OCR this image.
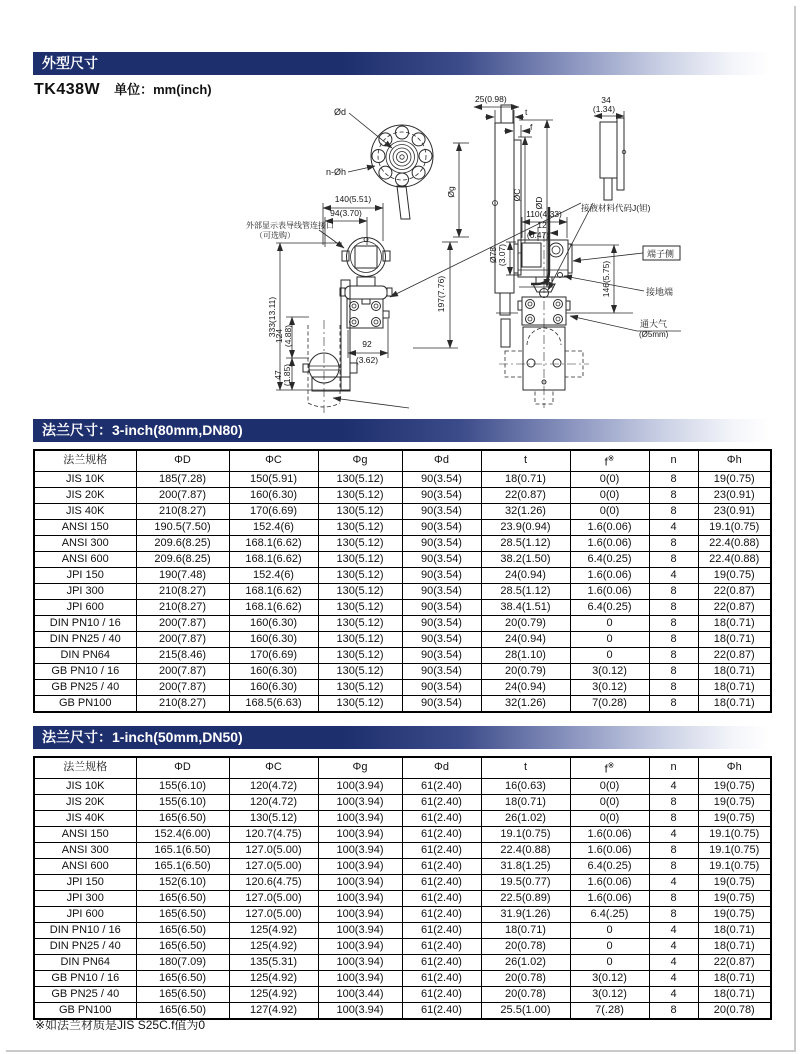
外型尺寸
TK438W 单位：mm(inch)
Ød
n-Øh
140(5.51)
94(3.70)
外部显示表导线管连接口
（可选购）
25(0.98)
t
f
Øg	ØC
ØD
34
(1.34)
接液材料代码J(钽)
333(13.11)
124 (4.88)
47 (1.85)
92
(3.62)
197(7.76)
110(4.33)
12
(0.47)
Ø78 (3.07)	端子侧
接地端
146(5.75)
通大气
(Ø5mm)
法兰尺寸：3-inch(80mm,DN80)
法兰规格	ΦD	ΦC	Φg	Φd	t	f※	n	Φh
JIS 10K	185(7.28)	150(5.91)	130(5.12)	90(3.54)	18(0.71)	0(0)	8	19(0.75)
JIS 20K	200(7.87)	160(6.30)	130(5.12)	90(3.54)	22(0.87)	0(0)	8	23(0.91)
JIS 40K	210(8.27)	170(6.69)	130(5.12)	90(3.54)	32(1.26)	0(0)	8	23(0.91)
ANSI 150	190.5(7.50)	152.4(6)	130(5.12)	90(3.54)	23.9(0.94)	1.6(0.06)	4	19.1(0.75)
ANSI 300	209.6(8.25)	168.1(6.62)	130(5.12)	90(3.54)	28.5(1.12)	1.6(0.06)	8	22.4(0.88)
ANSI 600	209.6(8.25)	168.1(6.62)	130(5.12)	90(3.54)	38.2(1.50)	6.4(0.25)	8	22.4(0.88)
JPI 150	190(7.48)	152.4(6)	130(5.12)	90(3.54)	24(0.94)	1.6(0.06)	4	19(0.75)
JPI 300	210(8.27)	168.1(6.62)	130(5.12)	90(3.54)	28.5(1.12)	1.6(0.06)	8	22(0.87)
JPI 600	210(8.27)	168.1(6.62)	130(5.12)	90(3.54)	38.4(1.51)	6.4(0.25)	8	22(0.87)
DIN PN10 / 16	200(7.87)	160(6.30)	130(5.12)	90(3.54)	20(0.79)	0	8	18(0.71)
DIN PN25 / 40	200(7.87)	160(6.30)	130(5.12)	90(3.54)	24(0.94)	0	8	18(0.71)
DIN PN64	215(8.46)	170(6.69)	130(5.12)	90(3.54)	28(1.10)	0	8	22(0.87)
GB PN10 / 16	200(7.87)	160(6.30)	130(5.12)	90(3.54)	20(0.79)	3(0.12)	8	18(0.71)
GB PN25 / 40	200(7.87)	160(6.30)	130(5.12)	90(3.54)	24(0.94)	3(0.12)	8	18(0.71)
GB PN100	210(8.27)	168.5(6.63)	130(5.12)	90(3.54)	32(1.26)	7(0.28)	8	18(0.71)
法兰尺寸：1-inch(50mm,DN50)
法兰规格	ΦD	ΦC	Φg	Φd	t	f※	n	Φh
JIS 10K	155(6.10)	120(4.72)	100(3.94)	61(2.40)	16(0.63)	0(0)	4	19(0.75)
JIS 20K	155(6.10)	120(4.72)	100(3.94)	61(2.40)	18(0.71)	0(0)	8	19(0.75)
JIS 40K	165(6.50)	130(5.12)	100(3.94)	61(2.40)	26(1.02)	0(0)	8	19(0.75)
ANSI 150	152.4(6.00)	120.7(4.75)	100(3.94)	61(2.40)	19.1(0.75)	1.6(0.06)	4	19.1(0.75)
ANSI 300	165.1(6.50)	127.0(5.00)	100(3.94)	61(2.40)	22.4(0.88)	1.6(0.06)	8	19.1(0.75)
ANSI 600	165.1(6.50)	127.0(5.00)	100(3.94)	61(2.40)	31.8(1.25)	6.4(0.25)	8	19.1(0.75)
JPI 150	152(6.10)	120.6(4.75)	100(3.94)	61(2.40)	19.5(0.77)	1.6(0.06)	4	19(0.75)
JPI 300	165(6.50)	127.0(5.00)	100(3.94)	61(2.40)	22.5(0.89)	1.6(0.06)	8	19(0.75)
JPI 600	165(6.50)	127.0(5.00)	100(3.94)	61(2.40)	31.9(1.26)	6.4(.25)	8	19(0.75)
DIN PN10 / 16	165(6.50)	125(4.92)	100(3.94)	61(2.40)	18(0.71)	0	4	18(0.71)
DIN PN25 / 40	165(6.50)	125(4.92)	100(3.94)	61(2.40)	20(0.78)	0	4	18(0.71)
DIN PN64	180(7.09)	135(5.31)	100(3.94)	61(2.40)	26(1.02)	0	4	22(0.87)
GB PN10 / 16	165(6.50)	125(4.92)	100(3.94)	61(2.40)	20(0.78)	3(0.12)	4	18(0.71)
GB PN25 / 40	165(6.50)	125(4.92)	100(3.44)	61(2.40)	20(0.78)	3(0.12)	4	18(0.71)
GB PN100	165(6.50)	127(4.92)	100(3.94)	61(2.40)	25.5(1.00)	7(.28)	8	20(0.78)
※如法兰材质是JIS S25C.f值为0
